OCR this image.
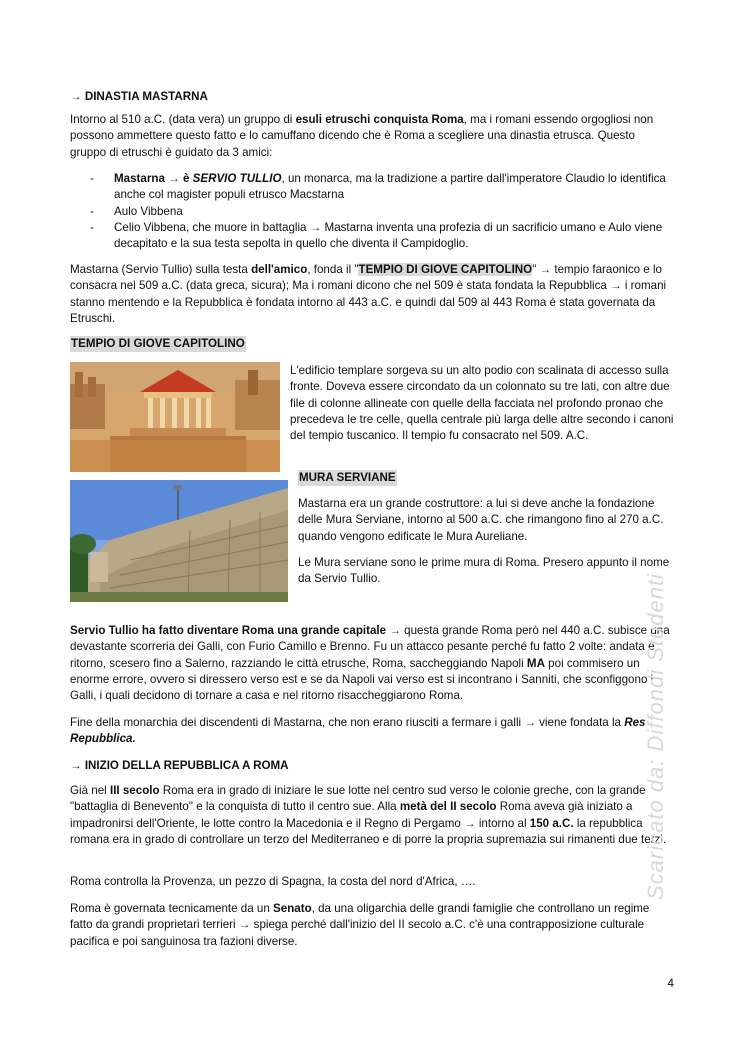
→ DINASTIA MASTARNA

Intorno al 510 a.C. (data vera) un gruppo di esuli etruschi conquista Roma, ma i romani essendo orgogliosi non possono ammettere questo fatto e lo camuffano dicendo che è Roma a scegliere una dinastia etrusca. Questo gruppo di etruschi è guidato da 3 amici:

- Mastarna → è SERVIO TULLIO, un monarca, ma la tradizione a partire dall'imperatore Claudio lo identifica anche col magister populi etrusco Macstarna
- Aulo Vibbena
- Celio Vibbena, che muore in battaglia → Mastarna inventa una profezia di un sacrificio umano e Aulo viene decapitato e la sua testa sepolta in quello che diventa il Campidoglio.

Mastarna (Servio Tullio) sulla testa dell'amico, fonda il "TEMPIO DI GIOVE CAPITOLINO" → tempio faraonico e lo consacra nel 509 a.C. (data greca, sicura); Ma i romani dicono che nel 509 è stata fondata la Repubblica → i romani stanno mentendo e la Repubblica è fondata intorno al 443 a.C. e quindi dal 509 al 443 Roma è stata governata da Etruschi.

TEMPIO DI GIOVE CAPITOLINO

L'edificio templare sorgeva su un alto podio con scalinata di accesso sulla fronte. Doveva essere circondato da un colonnato su tre lati, con altre due file di colonne allineate con quelle della facciata nel profondo pronao che precedeva le tre celle, quella centrale più larga delle altre secondo i canoni del tempio tuscanico. Il tempio fu consacrato nel 509. A.C.

MURA SERVIANE

Mastarna era un grande costruttore: a lui si deve anche la fondazione delle Mura Serviane, intorno al 500 a.C. che rimangono fino al 270 a.C. quando vengono edificate le Mura Aureliane.

Le Mura serviane sono le prime mura di Roma. Presero appunto il nome da Servio Tullio.

Servio Tullio ha fatto diventare Roma una grande capitale → questa grande Roma però nel 440 a.C. subisce una devastante scorreria dei Galli, con Furio Camillo e Brenno. Fu un attacco pesante perché fu fatto 2 volte: andata e ritorno, scesero fino a Salerno, razziando le città etrusche, Roma, saccheggiando Napoli MA poi commisero un enorme errore, ovvero si diressero verso est e se da Napoli vai verso est si incontrano i Sanniti, che sconfiggono i Galli, i quali decidono di tornare a casa e nel ritorno risaccheggiarono Roma.

Fine della monarchia dei discendenti di Mastarna, che non erano riusciti a fermare i galli → viene fondata la Res Repubblica.

→ INIZIO DELLA REPUBBLICA A ROMA

Già nel III secolo Roma era in grado di iniziare le sue lotte nel centro sud verso le colonie greche, con la grande "battaglia di Benevento" e la conquista di tutto il centro sue. Alla metà del II secolo Roma aveva già iniziato a impadronirsi dell'Oriente, le lotte contro la Macedonia e il Regno di Pergamo → intorno al 150 a.C. la repubblica romana era in grado di controllare un terzo del Mediterraneo e di porre la propria supremazia sui rimanenti due terzi.

Roma controlla la Provenza, un pezzo di Spagna, la costa del nord d'Africa, ….

Roma è governata tecnicamente da un Senato, da una oligarchia delle grandi famiglie che controllano un regime fatto da grandi proprietari terrieri → spiega perché dall'inizio del II secolo a.C. c'è una contrapposizione culturale pacifica e poi sanguinosa tra fazioni diverse.

Scaricato da: Diffondi Studenti
4
